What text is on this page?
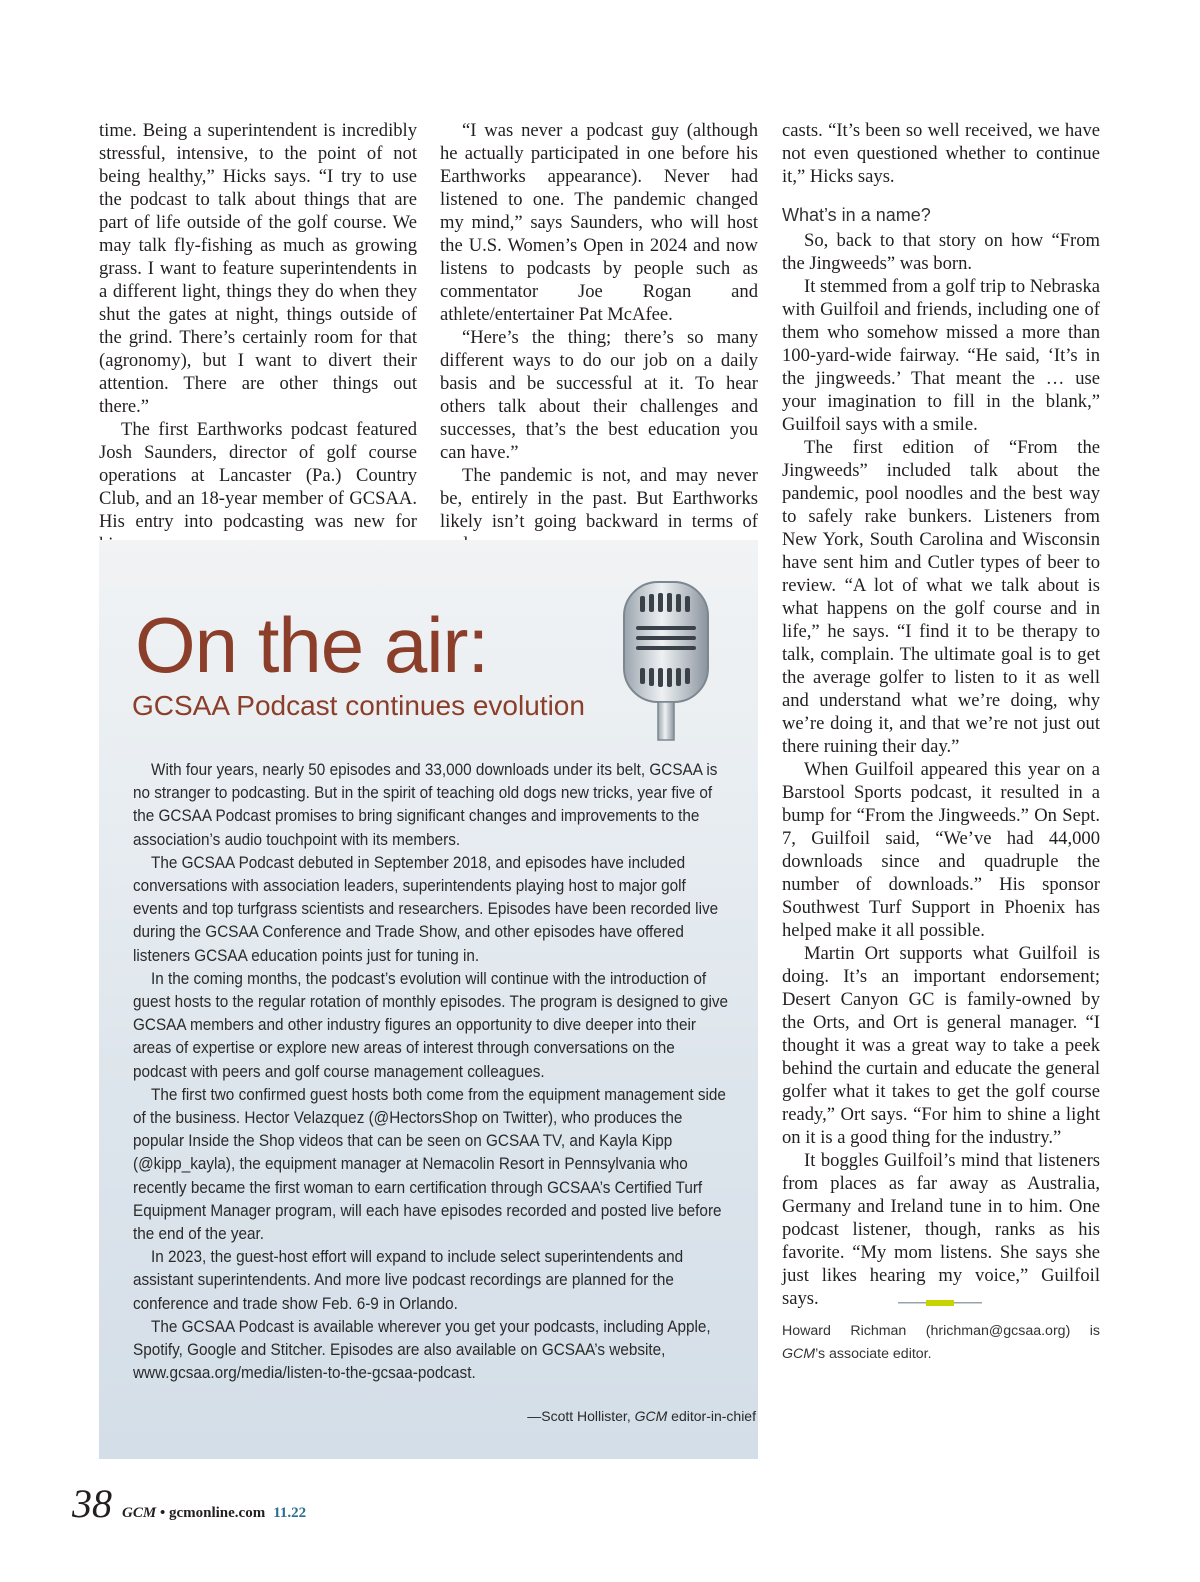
time. Being a superintendent is incredibly stressful, intensive, to the point of not being healthy,” Hicks says. “I try to use the podcast to talk about things that are part of life outside of the golf course. We may talk fly-fishing as much as growing grass. I want to feature superintendents in a different light, things they do when they shut the gates at night, things outside of the grind. There’s certainly room for that (agronomy), but I want to divert their attention. There are other things out there.”

The first Earthworks podcast featured Josh Saunders, director of golf course operations at Lancaster (Pa.) Country Club, and an 18-year member of GCSAA. His entry into podcasting was new for

“I was never a podcast guy (although he actually participated in one before his Earthworks appearance). Never had listened to one. The pandemic changed my mind,” says Saunders, who will host the U.S. Women’s Open in 2024 and now listens to podcasts by people such as commentator Joe Rogan and athlete/entertainer Pat McAfee.

“Here’s the thing; there’s so many different ways to do our job on a daily basis and be successful at it. To hear others talk about their challenges and successes, that’s the best education you can have.”

The pandemic is not, and may never be, entirely in the past. But Earthworks likely isn’t going backward in terms of

casts. “It’s been so well received, we have not even questioned whether to continue it,” Hicks says.

What’s in a name?

So, back to that story on how “From the Jingweeds” was born.

It stemmed from a golf trip to Nebraska with Guilfoil and friends, including one of them who somehow missed a more than 100-yard-wide fairway. “He said, ‘It’s in the jingweeds.’ That meant the … use your imagination to fill in the blank,” Guilfoil says with a smile.

The first edition of “From the Jingweeds” included talk about the pandemic, pool noodles and the best way to safely rake bunkers. Listeners from New York, South Carolina and Wisconsin have sent him and Cutler types of beer to review. “A lot of what we talk about is what happens on the golf course and in life,” he says. “I find it to be therapy to talk, complain. The ultimate goal is to get the average golfer to listen to it as well and understand what we’re doing, why we’re doing it, and that we’re not just out there ruining their day.”

When Guilfoil appeared this year on a Barstool Sports podcast, it resulted in a bump for “From the Jingweeds.” On Sept. 7, Guilfoil said, “We’ve had 44,000 downloads since and quadruple the number of downloads.” His sponsor Southwest Turf Support in Phoenix has helped make it all possible.

Martin Ort supports what Guilfoil is doing. It’s an important endorsement; Desert Canyon GC is family-owned by the Orts, and Ort is general manager. “I thought it was a great way to take a peek behind the curtain and educate the general golfer what it takes to get the golf course ready,” Ort says. “For him to shine a light on it is a good thing for the industry.”

It boggles Guilfoil’s mind that listeners from places as far away as Australia, Germany and Ireland tune in to him. One podcast listener, though, ranks as his favorite. “My mom listens. She says she just likes hearing my voice,” Guilfoil says.

On the air:
GCSAA Podcast continues evolution

With four years, nearly 50 episodes and 33,000 downloads under its belt, GCSAA is no stranger to podcasting. But in the spirit of teaching old dogs new tricks, year five of the GCSAA Podcast promises to bring significant changes and improvements to the association’s audio touchpoint with its members.

The GCSAA Podcast debuted in September 2018, and episodes have included conversations with association leaders, superintendents playing host to major golf events and top turfgrass scientists and researchers. Episodes have been recorded live during the GCSAA Conference and Trade Show, and other episodes have offered listeners GCSAA education points just for tuning in.

In the coming months, the podcast’s evolution will continue with the introduction of guest hosts to the regular rotation of monthly episodes. The program is designed to give GCSAA members and other industry figures an opportunity to dive deeper into their areas of expertise or explore new areas of interest through conversations on the podcast with peers and golf course management colleagues.

The first two confirmed guest hosts both come from the equipment management side of the business. Hector Velazquez (@HectorsShop on Twitter), who produces the popular Inside the Shop videos that can be seen on GCSAA TV, and Kayla Kipp (@kipp_kayla), the equipment manager at Nemacolin Resort in Pennsylvania who recently became the first woman to earn certification through GCSAA’s Certified Turf Equipment Manager program, will each have episodes recorded and posted live before the end of the year.

In 2023, the guest-host effort will expand to include select superintendents and assistant superintendents. And more live podcast recordings are planned for the conference and trade show Feb. 6-9 in Orlando.

The GCSAA Podcast is available wherever you get your podcasts, including Apple, Spotify, Google and Stitcher. Episodes are also available on GCSAA’s website, www.gcsaa.org/media/listen-to-the-gcsaa-podcast.

—Scott Hollister, GCM editor-in-chief
Howard Richman (hrichman@gcsaa.org) is GCM’s associate editor.
38 GCM • gcmonline.com 11.22
